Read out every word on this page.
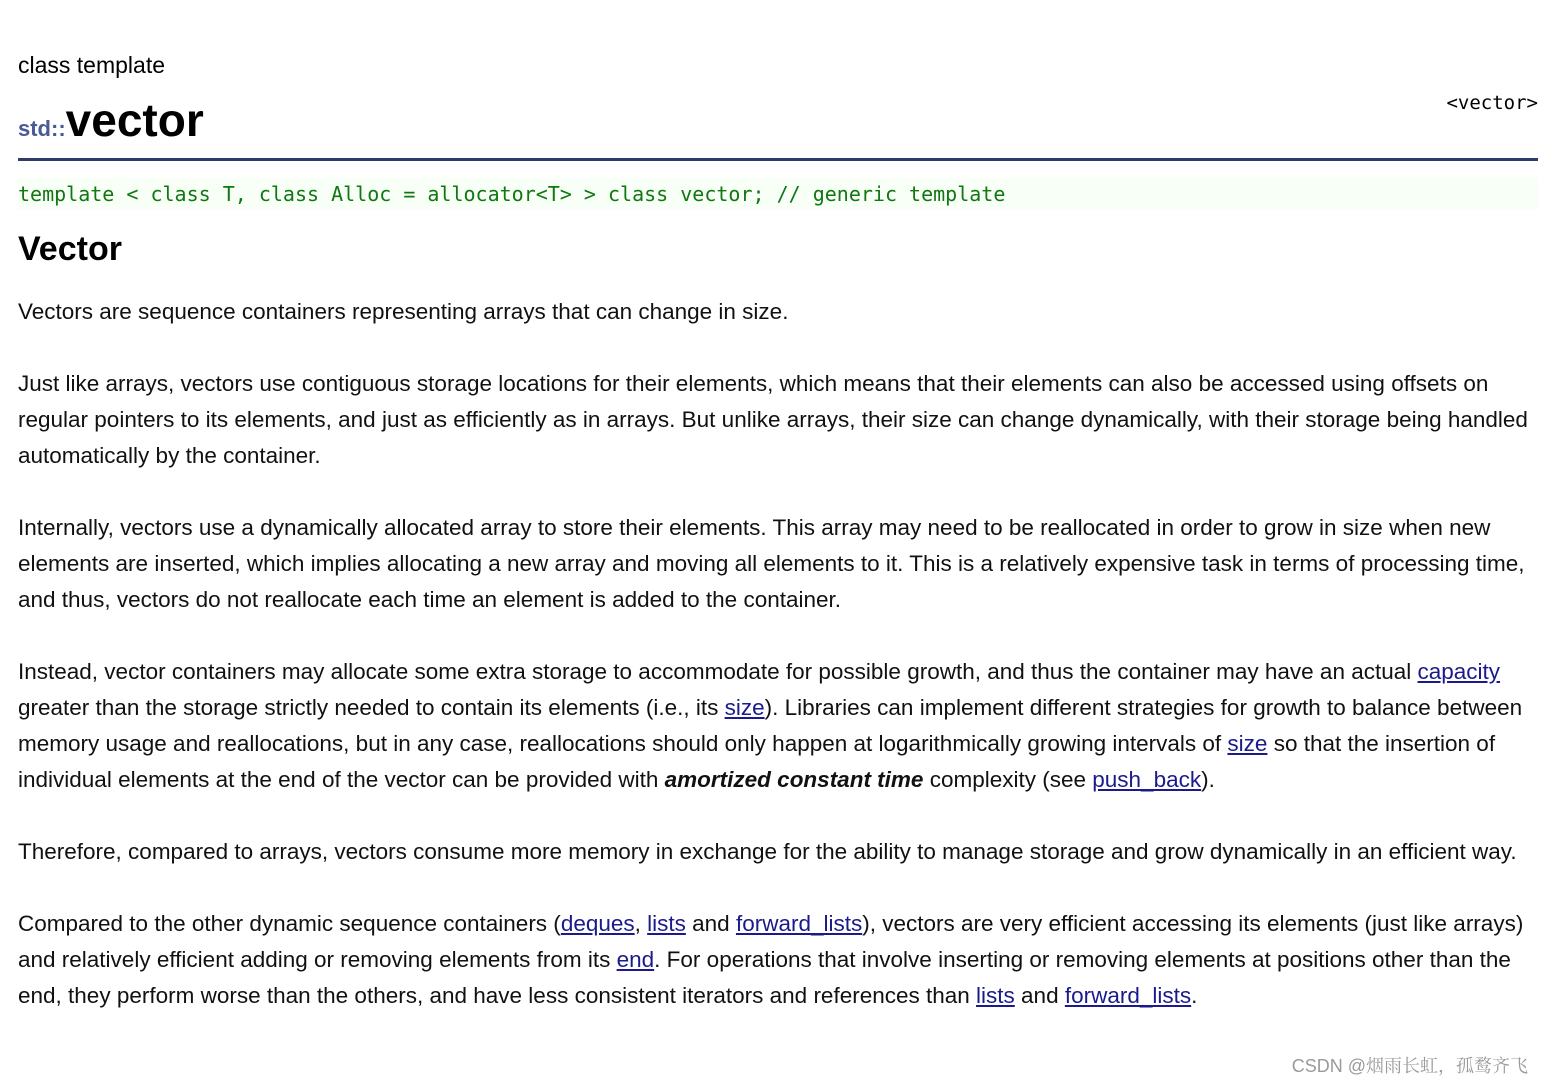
class template
std::vector	<vector>
template < class T, class Alloc = allocator<T> > class vector; // generic template
Vector

Vectors are sequence containers representing arrays that can change in size.

Just like arrays, vectors use contiguous storage locations for their elements, which means that their elements can also be accessed using offsets on regular pointers to its elements, and just as efficiently as in arrays. But unlike arrays, their size can change dynamically, with their storage being handled automatically by the container.

Internally, vectors use a dynamically allocated array to store their elements. This array may need to be reallocated in order to grow in size when new elements are inserted, which implies allocating a new array and moving all elements to it. This is a relatively expensive task in terms of processing time, and thus, vectors do not reallocate each time an element is added to the container.

Instead, vector containers may allocate some extra storage to accommodate for possible growth, and thus the container may have an actual capacity greater than the storage strictly needed to contain its elements (i.e., its size). Libraries can implement different strategies for growth to balance between memory usage and reallocations, but in any case, reallocations should only happen at logarithmically growing intervals of size so that the insertion of individual elements at the end of the vector can be provided with amortized constant time complexity (see push_back).

Therefore, compared to arrays, vectors consume more memory in exchange for the ability to manage storage and grow dynamically in an efficient way.

Compared to the other dynamic sequence containers (deques, lists and forward_lists), vectors are very efficient accessing its elements (just like arrays) and relatively efficient adding or removing elements from its end. For operations that involve inserting or removing elements at positions other than the end, they perform worse than the others, and have less consistent iterators and references than lists and forward_lists.

CSDN @烟雨长虹，孤鹜齐飞
